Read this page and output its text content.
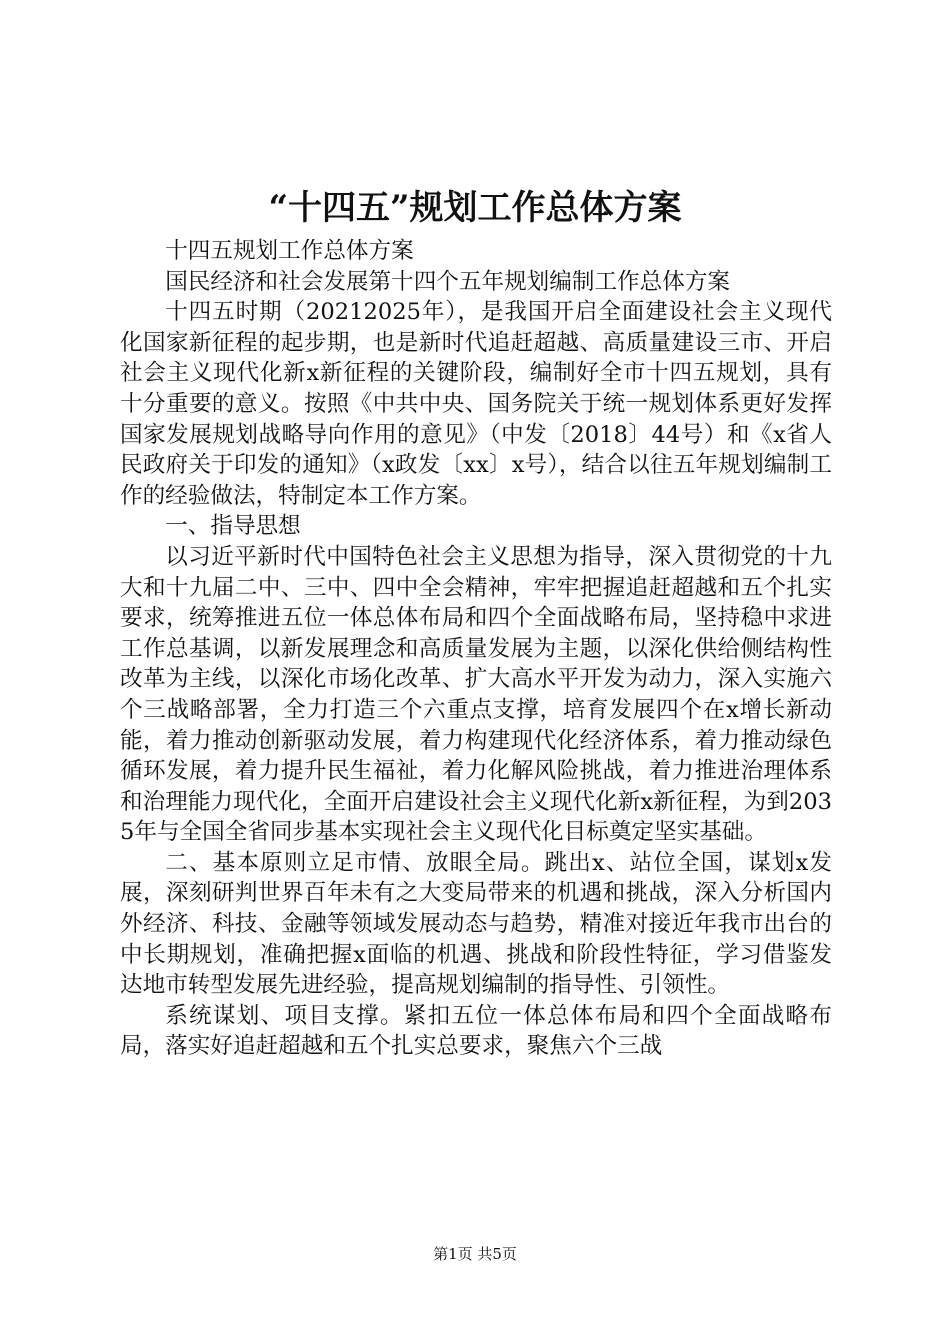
“十四五”规划工作总体方案

十四五规划工作总体方案

国民经济和社会发展第十四个五年规划编制工作总体方案

十四五时期（20212025年），是我国开启全面建设社会主义现代化国家新征程的起步期，也是新时代追赶超越、高质量建设三市、开启社会主义现代化新x新征程的关键阶段，编制好全市十四五规划，具有十分重要的意义。按照《中共中央、国务院关于统一规划体系更好发挥国家发展规划战略导向作用的意见》（中发〔2018〕44号）和《x省人民政府关于印发的通知》（x政发〔xx〕x号），结合以往五年规划编制工作的经验做法，特制定本工作方案。

一、指导思想

以习近平新时代中国特色社会主义思想为指导，深入贯彻党的十九大和十九届二中、三中、四中全会精神，牢牢把握追赶超越和五个扎实要求，统筹推进五位一体总体布局和四个全面战略布局，坚持稳中求进工作总基调，以新发展理念和高质量发展为主题，以深化供给侧结构性改革为主线，以深化市场化改革、扩大高水平开发为动力，深入实施六个三战略部署，全力打造三个六重点支撑，培育发展四个在x增长新动能，着力推动创新驱动发展，着力构建现代化经济体系，着力推动绿色循环发展，着力提升民生福祉，着力化解风险挑战，着力推进治理体系和治理能力现代化，全面开启建设社会主义现代化新x新征程，为到2035年与全国全省同步基本实现社会主义现代化目标奠定坚实基础。

二、基本原则立足市情、放眼全局。跳出x、站位全国，谋划x发展，深刻研判世界百年未有之大变局带来的机遇和挑战，深入分析国内外经济、科技、金融等领域发展动态与趋势，精准对接近年我市出台的中长期规划，准确把握x面临的机遇、挑战和阶段性特征，学习借鉴发达地市转型发展先进经验，提高规划编制的指导性、引领性。

系统谋划、项目支撑。紧扣五位一体总体布局和四个全面战略布局，落实好追赶超越和五个扎实总要求，聚焦六个三战

第1页 共5页
